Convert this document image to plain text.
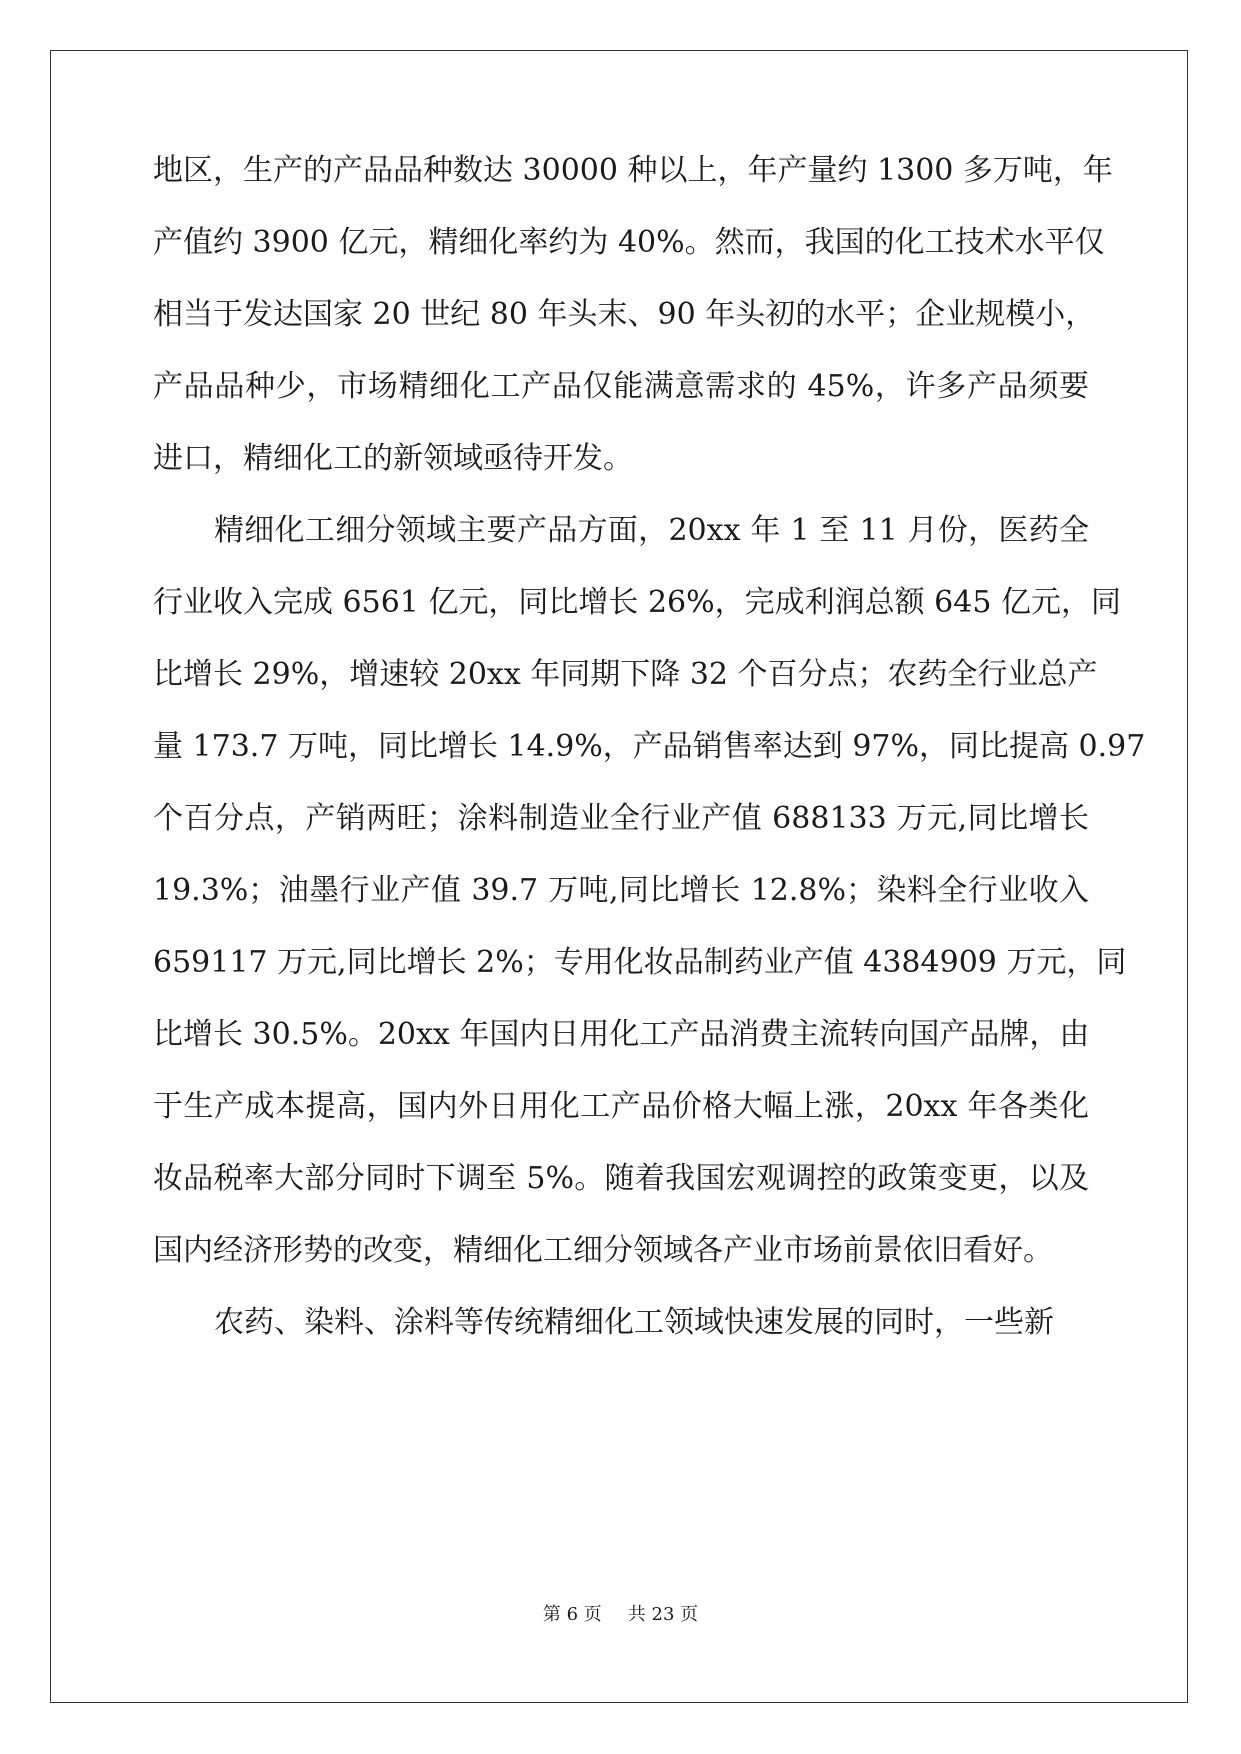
地区，生产的产品品种数达 30000 种以上，年产量约 1300 多万吨，年
产值约 3900 亿元，精细化率约为 40%。然而，我国的化工技术水平仅
相当于发达国家 20 世纪 80 年头末、90 年头初的水平；企业规模小，
产品品种少，市场精细化工产品仅能满意需求的 45%，许多产品须要
进口，精细化工的新领域亟待开发。
精细化工细分领域主要产品方面，20xx 年 1 至 11 月份，医药全
行业收入完成 6561 亿元，同比增长 26%，完成利润总额 645 亿元，同
比增长 29%，增速较 20xx 年同期下降 32 个百分点；农药全行业总产
量 173.7 万吨，同比增长 14.9%，产品销售率达到 97%，同比提高 0.97
个百分点，产销两旺；涂料制造业全行业产值 688133 万元,同比增长
19.3%；油墨行业产值 39.7 万吨,同比增长 12.8%；染料全行业收入
659117 万元,同比增长 2%；专用化妆品制药业产值 4384909 万元，同
比增长 30.5%。20xx 年国内日用化工产品消费主流转向国产品牌，由
于生产成本提高，国内外日用化工产品价格大幅上涨，20xx 年各类化
妆品税率大部分同时下调至 5%。随着我国宏观调控的政策变更，以及
国内经济形势的改变，精细化工细分领域各产业市场前景依旧看好。
农药、染料、涂料等传统精细化工领域快速发展的同时，一些新
第 6 页 共 23 页
